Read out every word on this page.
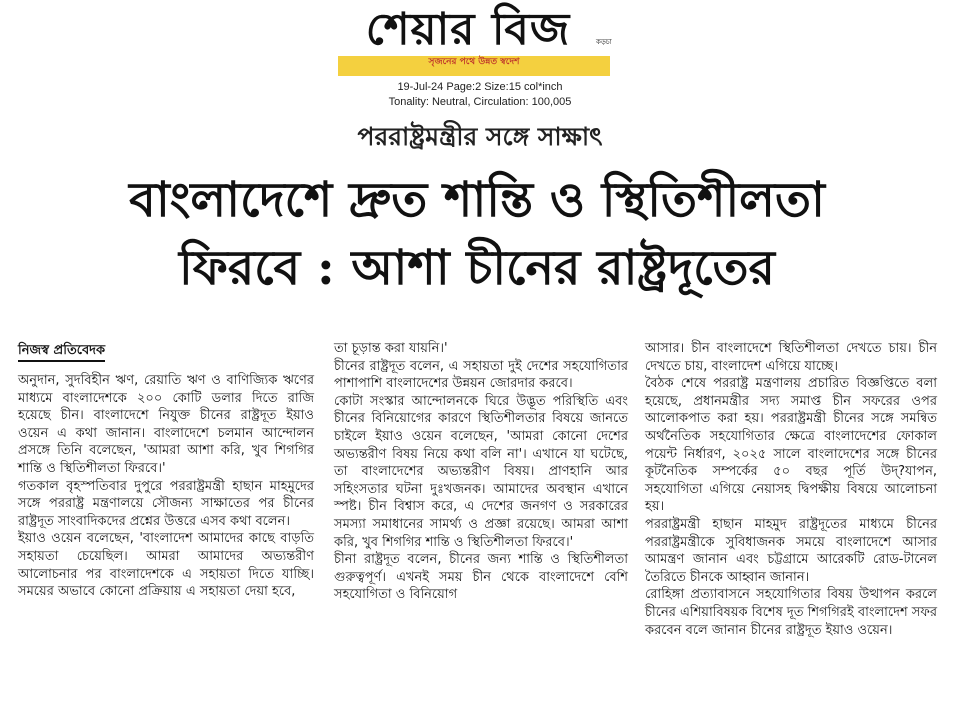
শেয়ার বিজ	কড়চা
সৃজনের পথে উন্নত স্বদেশ
19-Jul-24 Page:2 Size:15 col*inch
Tonality: Neutral, Circulation: 100,005
পররাষ্ট্রমন্ত্রীর সঙ্গে সাক্ষাৎ
বাংলাদেশে দ্রুত শান্তি ও স্থিতিশীলতা
ফিরবে : আশা চীনের রাষ্ট্রদূতের
নিজস্ব প্রতিবেদক

অনুদান, সুদবিহীন ঋণ, রেয়াতি ঋণ ও বাণিজ্যিক ঋণের মাধ্যমে বাংলাদেশকে ২০০ কোটি ডলার দিতে রাজি হয়েছে চীন। বাংলাদেশে নিযুক্ত চীনের রাষ্ট্রদূত ইয়াও ওয়েন এ কথা জানান। বাংলাদেশে চলমান আন্দোলন প্রসঙ্গে তিনি বলেছেন, 'আমরা আশা করি, খুব শিগগির শান্তি ও স্থিতিশীলতা ফিরবে।'

গতকাল বৃহস্পতিবার দুপুরে পররাষ্ট্রমন্ত্রী হাছান মাহমুদের সঙ্গে পররাষ্ট্র মন্ত্রণালয়ে সৌজন্য সাক্ষাতের পর চীনের রাষ্ট্রদূত সাংবাদিকদের প্রশ্নের উত্তরে এসব কথা বলেন।

ইয়াও ওয়েন বলেছেন, 'বাংলাদেশ আমাদের কাছে বাড়তি সহায়তা চেয়েছিল। আমরা আমাদের অভ্যন্তরীণ আলোচনার পর বাংলাদেশকে এ সহায়তা দিতে যাচ্ছি। সময়ের অভাবে কোনো প্রক্রিয়ায় এ সহায়তা দেয়া হবে,

তা চূড়ান্ত করা যায়নি।'

চীনের রাষ্ট্রদূত বলেন, এ সহায়তা দুই দেশের সহযোগিতার পাশাপাশি বাংলাদেশের উন্নয়ন জোরদার করবে।

কোটা সংস্কার আন্দোলনকে ঘিরে উদ্ভূত পরিস্থিতি এবং চীনের বিনিয়োগের কারণে স্থিতিশীলতার বিষয়ে জানতে চাইলে ইয়াও ওয়েন বলেছেন, 'আমরা কোনো দেশের অভ্যন্তরীণ বিষয় নিয়ে কথা বলি না'। এখানে যা ঘটেছে, তা বাংলাদেশের অভ্যন্তরীণ বিষয়। প্রাণহানি আর সহিংসতার ঘটনা দুঃখজনক। আমাদের অবস্থান এখানে স্পষ্ট। চীন বিশ্বাস করে, এ দেশের জনগণ ও সরকারের সমস্যা সমাধানের সামর্থ্য ও প্রজ্ঞা রয়েছে। আমরা আশা করি, খুব শিগগির শান্তি ও স্থিতিশীলতা ফিরবে।'

চীনা রাষ্ট্রদূত বলেন, চীনের জন্য শান্তি ও স্থিতিশীলতা গুরুত্বপূর্ণ। এখনই সময় চীন থেকে বাংলাদেশে বেশি সহযোগিতা ও বিনিয়োগ

আসার। চীন বাংলাদেশে স্থিতিশীলতা দেখতে চায়। চীন দেখতে চায়, বাংলাদেশ এগিয়ে যাচ্ছে।

বৈঠক শেষে পররাষ্ট্র মন্ত্রণালয় প্রচারিত বিজ্ঞপ্তিতে বলা হয়েছে, প্রধানমন্ত্রীর সদ্য সমাপ্ত চীন সফরের ওপর আলোকপাত করা হয়। পররাষ্ট্রমন্ত্রী চীনের সঙ্গে সমন্বিত অর্থনৈতিক সহযোগিতার ক্ষেত্রে বাংলাদেশের ফোকাল পয়েন্ট নির্ধারণ, ২০২৫ সালে বাংলাদেশের সঙ্গে চীনের কূটনৈতিক সম্পর্কের ৫০ বছর পূর্তি উদ্?যাপন, সহযোগিতা এগিয়ে নেয়াসহ দ্বিপক্ষীয় বিষয়ে আলোচনা হয়।

পররাষ্ট্রমন্ত্রী হাছান মাহমুদ রাষ্ট্রদূতের মাধ্যমে চীনের পররাষ্ট্রমন্ত্রীকে সুবিধাজনক সময়ে বাংলাদেশে আসার আমন্ত্রণ জানান এবং চট্টগ্রামে আরেকটি রোড-টানেল তৈরিতে চীনকে আহ্বান জানান।

রোহিঙ্গা প্রত্যাবাসনে সহযোগিতার বিষয় উত্থাপন করলে চীনের এশিয়াবিষয়ক বিশেষ দূত শিগগিরই বাংলাদেশ সফর করবেন বলে জানান চীনের রাষ্ট্রদূত ইয়াও ওয়েন।
